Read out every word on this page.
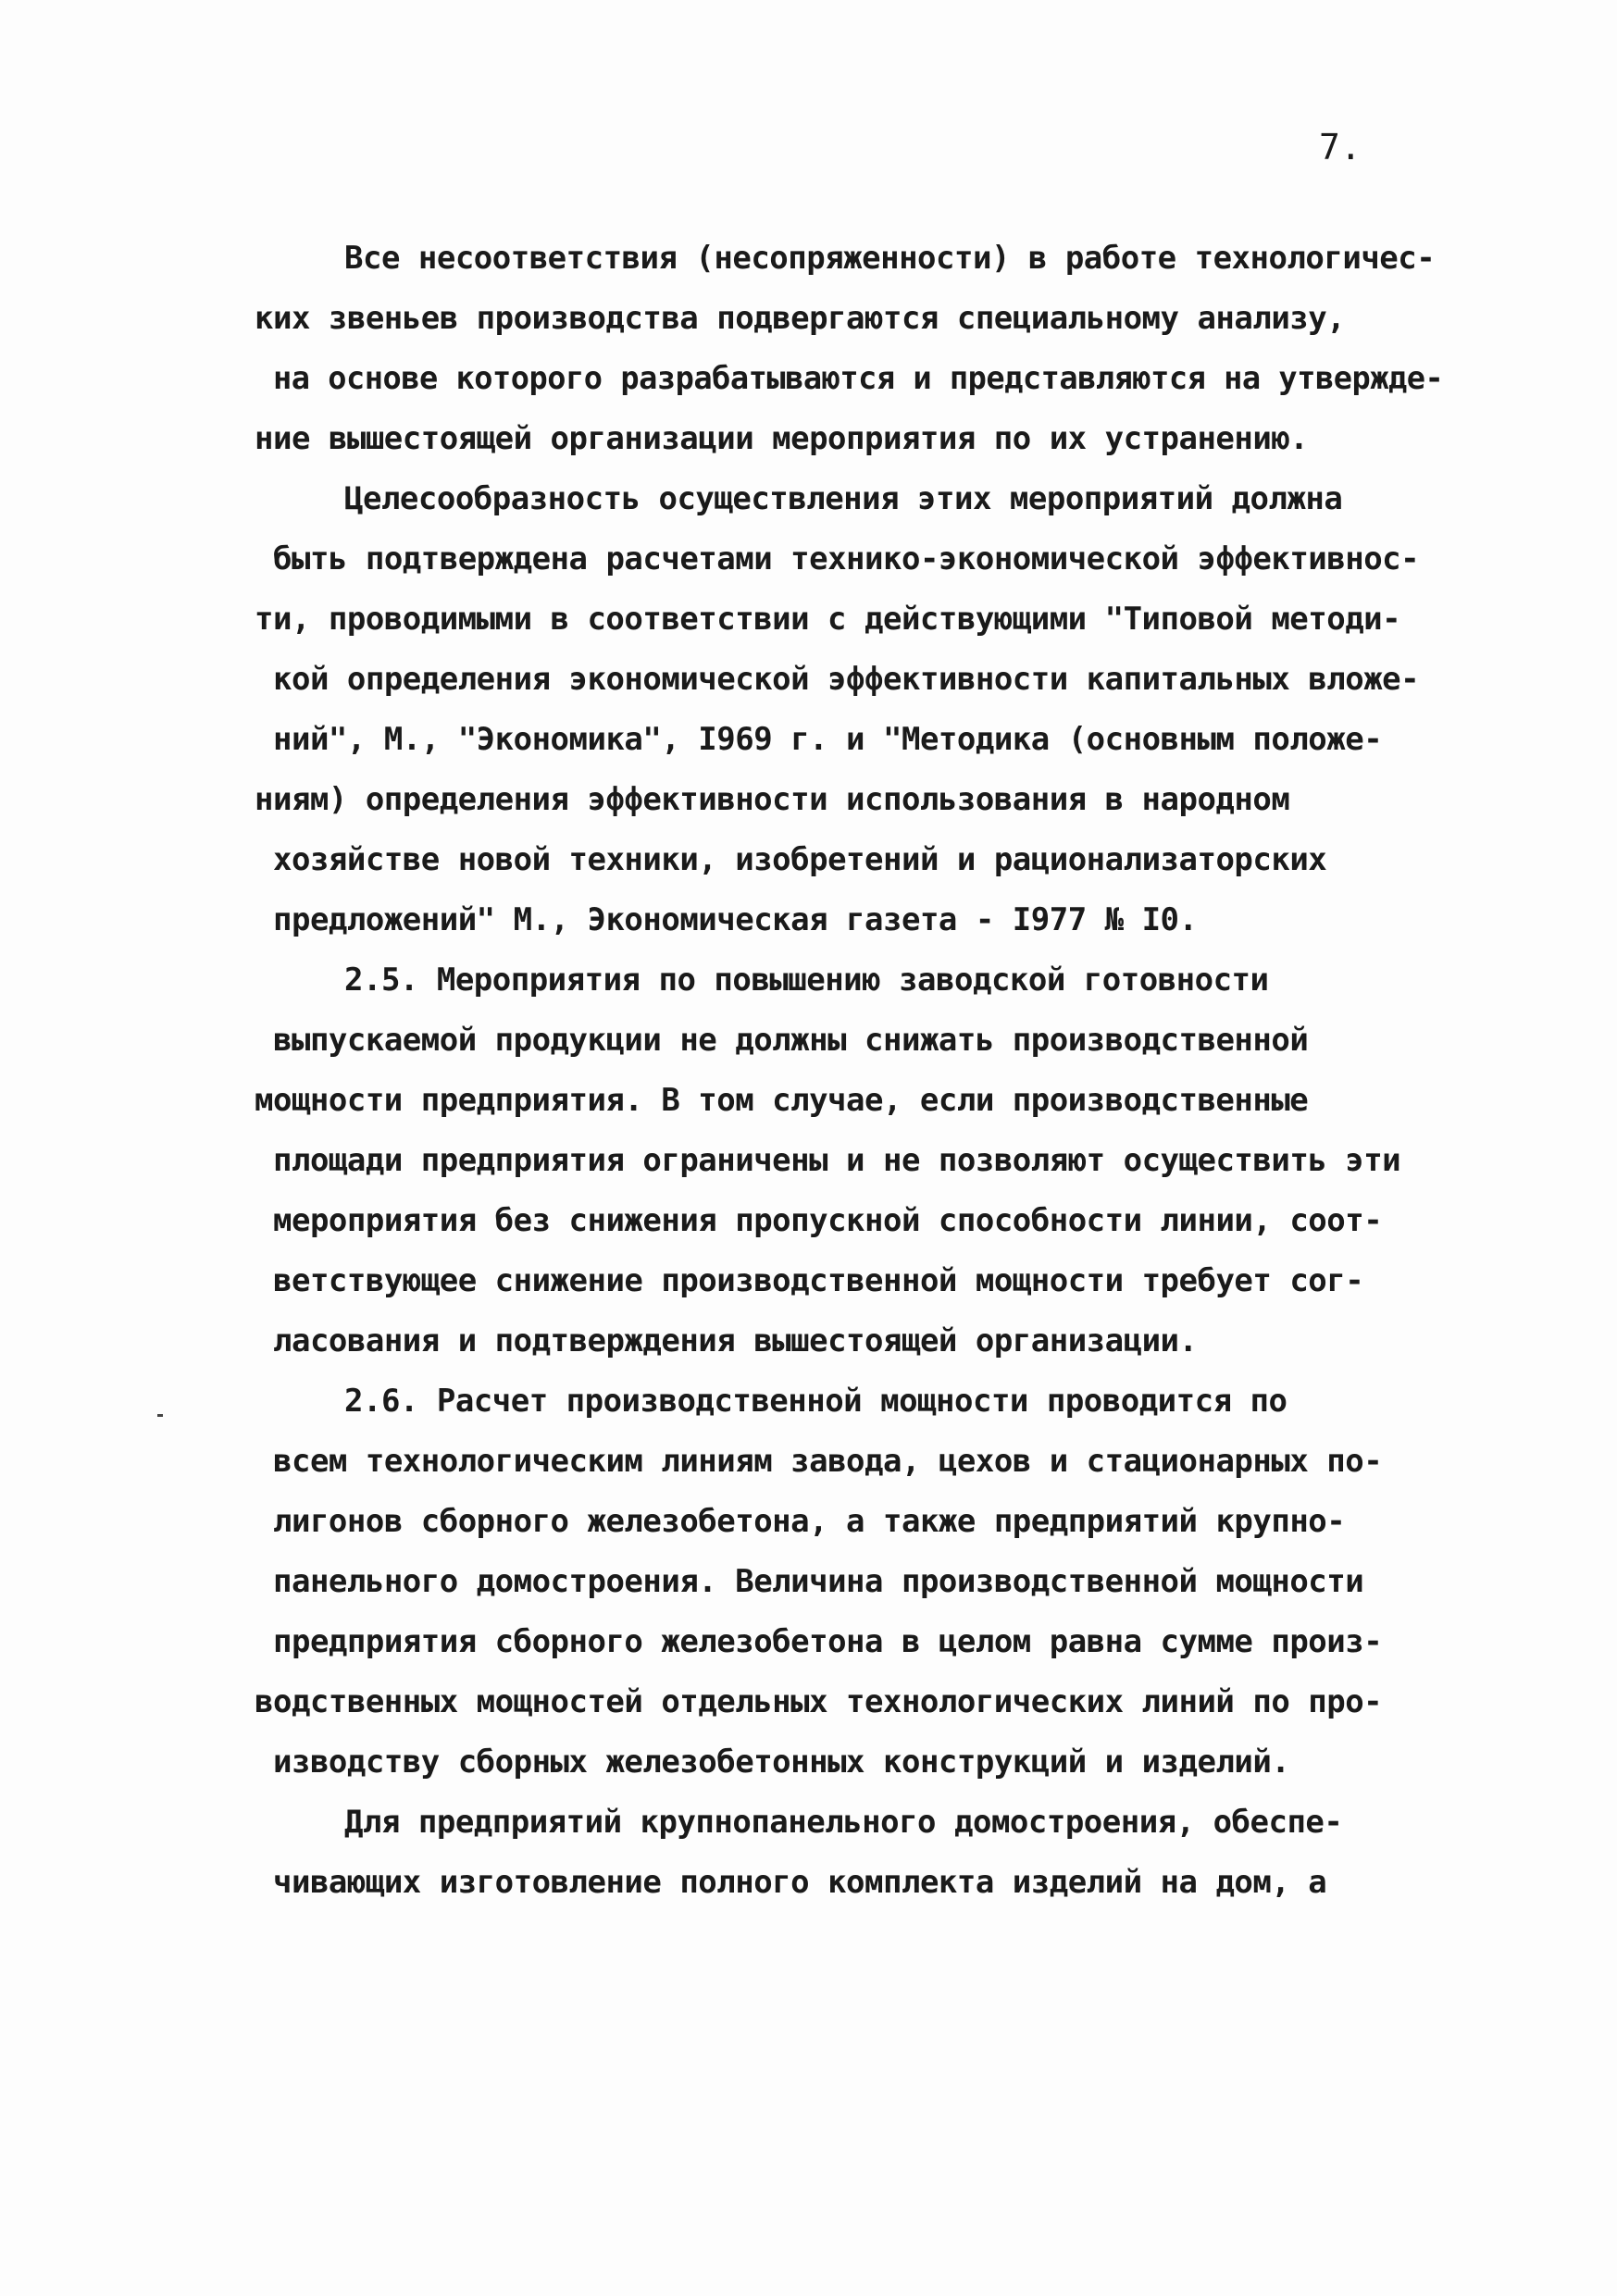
7.
Все несоответствия (несопряженности) в работе технологичес-
ких звеньев производства подвергаются специальному анализу,
на основе которого разрабатываются и представляются на утвержде-
ние вышестоящей организации мероприятия по их устранению.
Целесообразность осуществления этих мероприятий должна
быть подтверждена расчетами технико-экономической эффективнос-
ти, проводимыми в соответствии с действующими "Типовой методи-
кой определения экономической эффективности капитальных вложе-
ний", М., "Экономика", I969 г. и "Методика (основным положе-
ниям) определения эффективности использования в народном
хозяйстве новой техники, изобретений и рационализаторских
предложений" М., Экономическая газета - I977 № I0.
2.5. Мероприятия по повышению заводской готовности
выпускаемой продукции не должны снижать производственной
мощности предприятия. В том случае, если производственные
площади предприятия ограничены и не позволяют осуществить эти
мероприятия без снижения пропускной способности линии, соот-
ветствующее снижение производственной мощности требует сог-
ласования и подтверждения вышестоящей организации.
2.6. Расчет производственной мощности проводится по
всем технологическим линиям завода, цехов и стационарных по-
лигонов сборного железобетона, а также предприятий крупно-
панельного домостроения. Величина производственной мощности
предприятия сборного железобетона в целом равна сумме произ-
водственных мощностей отдельных технологических линий по про-
изводству сборных железобетонных конструкций и изделий.
Для предприятий крупнопанельного домостроения, обеспе-
чивающих изготовление полного комплекта изделий на дом, а
